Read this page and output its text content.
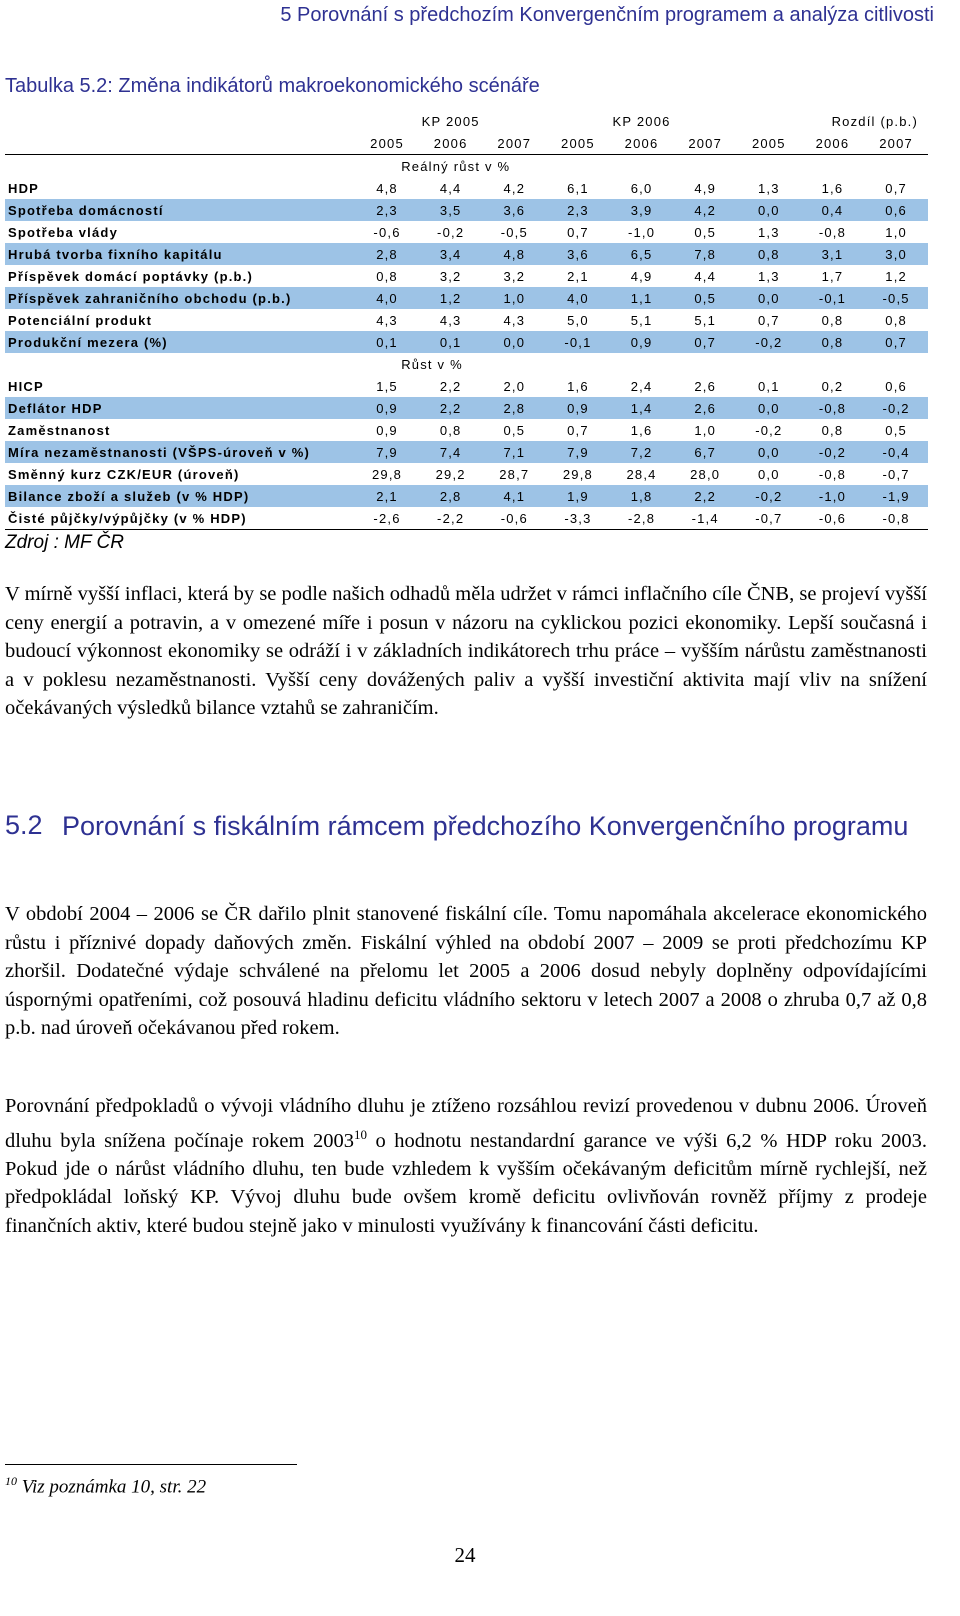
5 Porovnání s předchozím Konvergenčním programem a analýza citlivosti
Tabulka 5.2: Změna indikátorů makroekonomického scénáře
	KP 2005			KP 2006			Rozdíl (p.b.)		
	2005	2006	2007	2005	2006	2007	2005	2006	2007
	Reálný růst v %								
HDP	4,8	4,4	4,2	6,1	6,0	4,9	1,3	1,6	0,7
Spotřeba domácností	2,3	3,5	3,6	2,3	3,9	4,2	0,0	0,4	0,6
Spotřeba vlády	-0,6	-0,2	-0,5	0,7	-1,0	0,5	1,3	-0,8	1,0
Hrubá tvorba fixního kapitálu	2,8	3,4	4,8	3,6	6,5	7,8	0,8	3,1	3,0
Příspěvek domácí poptávky (p.b.)	0,8	3,2	3,2	2,1	4,9	4,4	1,3	1,7	1,2
Příspěvek zahraničního obchodu (p.b.)	4,0	1,2	1,0	4,0	1,1	0,5	0,0	-0,1	-0,5
Potenciální produkt	4,3	4,3	4,3	5,0	5,1	5,1	0,7	0,8	0,8
Produkční mezera (%)	0,1	0,1	0,0	-0,1	0,9	0,7	-0,2	0,8	0,7
	Růst v %								
HICP	1,5	2,2	2,0	1,6	2,4	2,6	0,1	0,2	0,6
Deflátor HDP	0,9	2,2	2,8	0,9	1,4	2,6	0,0	-0,8	-0,2
Zaměstnanost	0,9	0,8	0,5	0,7	1,6	1,0	-0,2	0,8	0,5
Míra nezaměstnanosti (VŠPS-úroveň v %)	7,9	7,4	7,1	7,9	7,2	6,7	0,0	-0,2	-0,4
Směnný kurz CZK/EUR (úroveň)	29,8	29,2	28,7	29,8	28,4	28,0	0,0	-0,8	-0,7
Bilance zboží a služeb (v % HDP)	2,1	2,8	4,1	1,9	1,8	2,2	-0,2	-1,0	-1,9
Čisté půjčky/výpůjčky (v % HDP)	-2,6	-2,2	-0,6	-3,3	-2,8	-1,4	-0,7	-0,6	-0,8
Zdroj : MF ČR

V mírně vyšší inflaci, která by se podle našich odhadů měla udržet v rámci inflačního cíle ČNB, se projeví vyšší ceny energií a potravin, a v omezené míře i posun v názoru na cyklickou pozici ekonomiky. Lepší současná i budoucí výkonnost ekonomiky se odráží i v základních indikátorech trhu práce – vyšším nárůstu zaměstnanosti a v poklesu nezaměstnanosti. Vyšší ceny dovážených paliv a vyšší investiční aktivita mají vliv na snížení očekávaných výsledků bilance vztahů se zahraničím.

5.2 Porovnání s fiskálním rámcem předchozího Konvergenčního programu

V období 2004 – 2006 se ČR dařilo plnit stanovené fiskální cíle. Tomu napomáhala akcelerace ekonomického růstu i příznivé dopady daňových změn. Fiskální výhled na období 2007 – 2009 se proti předchozímu KP zhoršil. Dodatečné výdaje schválené na přelomu let 2005 a 2006 dosud nebyly doplněny odpovídajícími úspornými opatřeními, což posouvá hladinu deficitu vládního sektoru v letech 2007 a 2008 o zhruba 0,7 až 0,8 p.b. nad úroveň očekávanou před rokem.

Porovnání předpokladů o vývoji vládního dluhu je ztíženo rozsáhlou revizí provedenou v dubnu 2006. Úroveň dluhu byla snížena počínaje rokem 2003$^{10}$ o hodnotu nestandardní garance ve výši 6,2 % HDP roku 2003. Pokud jde o nárůst vládního dluhu, ten bude vzhledem k vyšším očekávaným deficitům mírně rychlejší, než předpokládal loňský KP. Vývoj dluhu bude ovšem kromě deficitu ovlivňován rovněž příjmy z prodeje finančních aktiv, které budou stejně jako v minulosti využívány k financování části deficitu.

$^{10}$ Viz poznámka 10, str. 22
24
